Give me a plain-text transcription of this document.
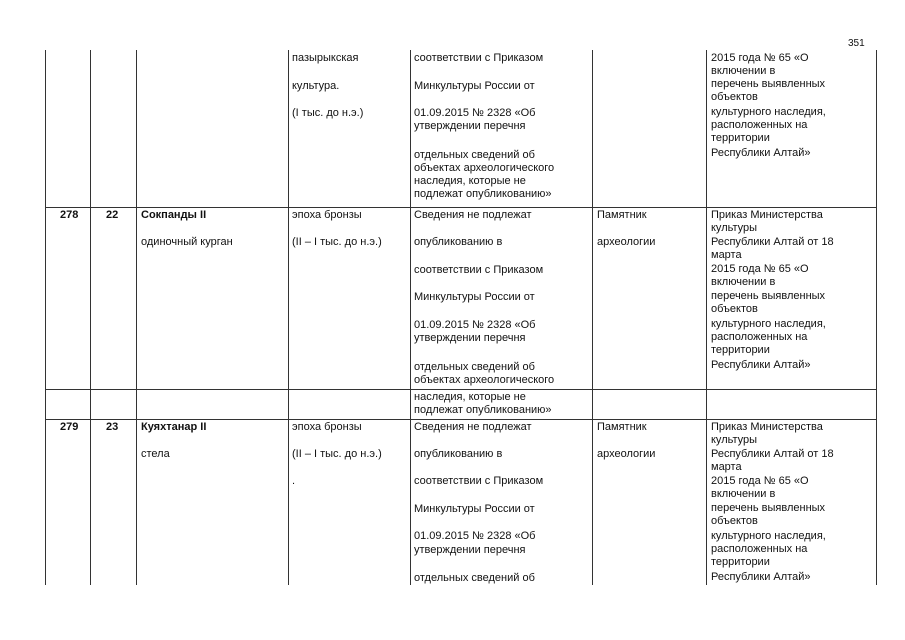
351
пазырыкская
культура.
(I тыс. до н.э.)
соответствии с Приказом
Минкультуры России от
01.09.2015 № 2328 «Об
утверждении перечня
отдельных сведений об
объектах археологического
наследия, которые не
подлежат опубликованию»
2015 года № 65 «О
включении в
перечень выявленных
объектов
культурного наследия,
расположенных на
территории
Республики Алтай»
278	22 Сокпанды II
одиночный курган
эпоха бронзы
(II – I тыс. до н.э.)
Сведения не подлежат
опубликованию в
соответствии с Приказом
Минкультуры России от
01.09.2015 № 2328 «Об
утверждении перечня
отдельных сведений об
объектах археологического
Памятник
археологии
Приказ Министерства
культуры
Республики Алтай от 18
марта
2015 года № 65 «О
включении в
перечень выявленных
объектов
культурного наследия,
расположенных на
территории
Республики Алтай»
наследия, которые не
подлежат опубликованию»
279	23 Куяхтанар II
стела
эпоха бронзы
(II – I тыс. до н.э.)
.
Сведения не подлежат
опубликованию в
соответствии с Приказом
Минкультуры России от
01.09.2015 № 2328 «Об
утверждении перечня
отдельных сведений об
Памятник
археологии
Приказ Министерства
культуры
Республики Алтай от 18
марта
2015 года № 65 «О
включении в
перечень выявленных
объектов
культурного наследия,
расположенных на
территории
Республики Алтай»
